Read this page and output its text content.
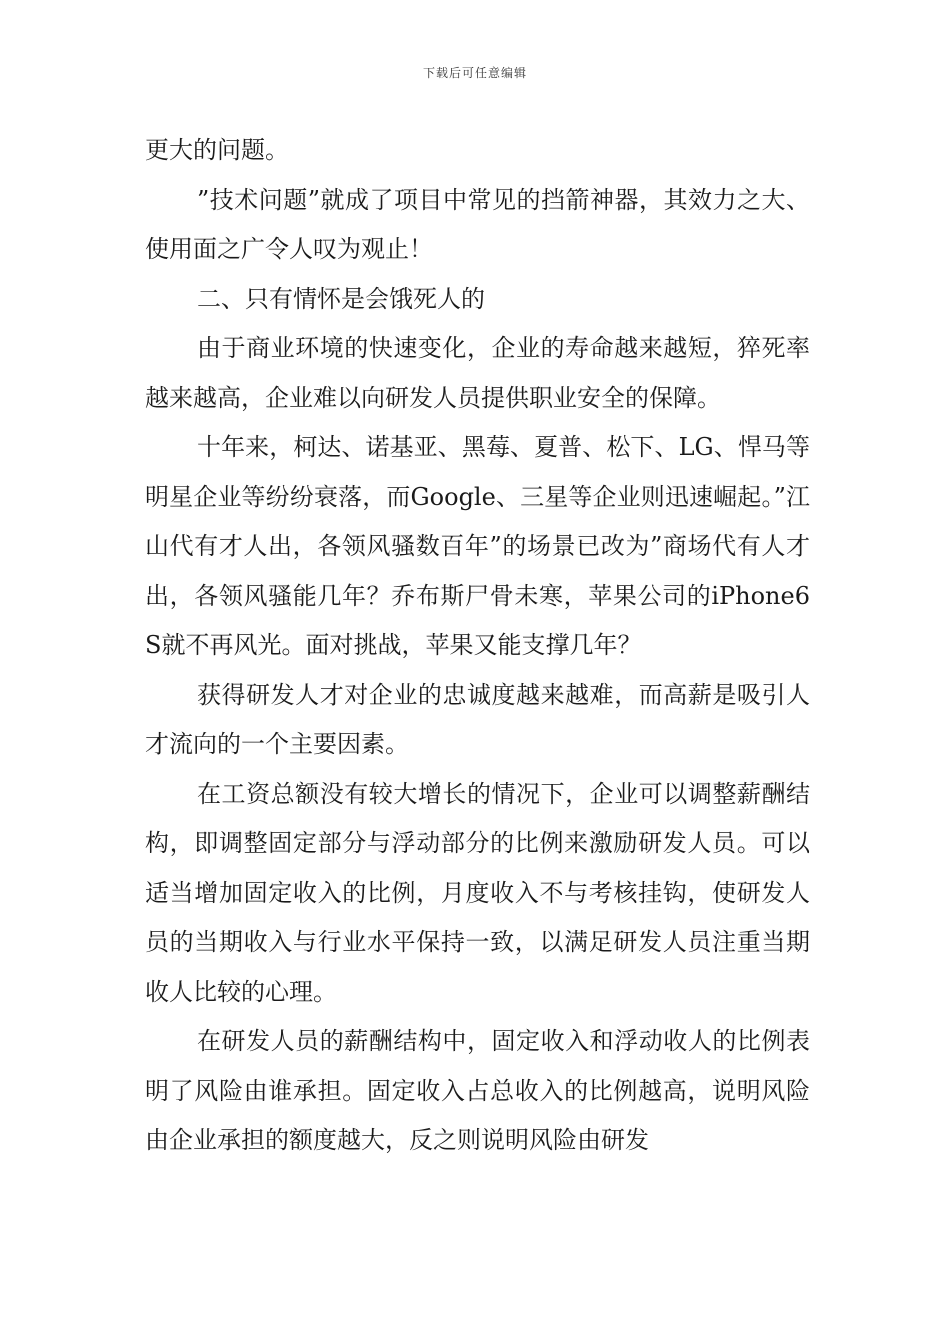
下载后可任意编辑

更大的问题。

”技术问题”就成了项目中常见的挡箭神器，其效力之大、使用面之广令人叹为观止！

二、只有情怀是会饿死人的

由于商业环境的快速变化，企业的寿命越来越短，猝死率越来越高，企业难以向研发人员提供职业安全的保障。

十年来，柯达、诺基亚、黑莓、夏普、松下、LG、悍马等明星企业等纷纷衰落，而Google、三星等企业则迅速崛起。”江山代有才人出，各领风骚数百年”的场景已改为”商场代有人才出，各领风骚能几年？乔布斯尸骨未寒，苹果公司的iPhone6S就不再风光。面对挑战，苹果又能支撑几年？

获得研发人才对企业的忠诚度越来越难，而高薪是吸引人才流向的一个主要因素。

在工资总额没有较大增长的情况下，企业可以调整薪酬结构，即调整固定部分与浮动部分的比例来激励研发人员。可以适当增加固定收入的比例，月度收入不与考核挂钩，使研发人员的当期收入与行业水平保持一致，以满足研发人员注重当期收人比较的心理。

在研发人员的薪酬结构中，固定收入和浮动收人的比例表明了风险由谁承担。固定收入占总收入的比例越高，说明风险由企业承担的额度越大，反之则说明风险由研发
